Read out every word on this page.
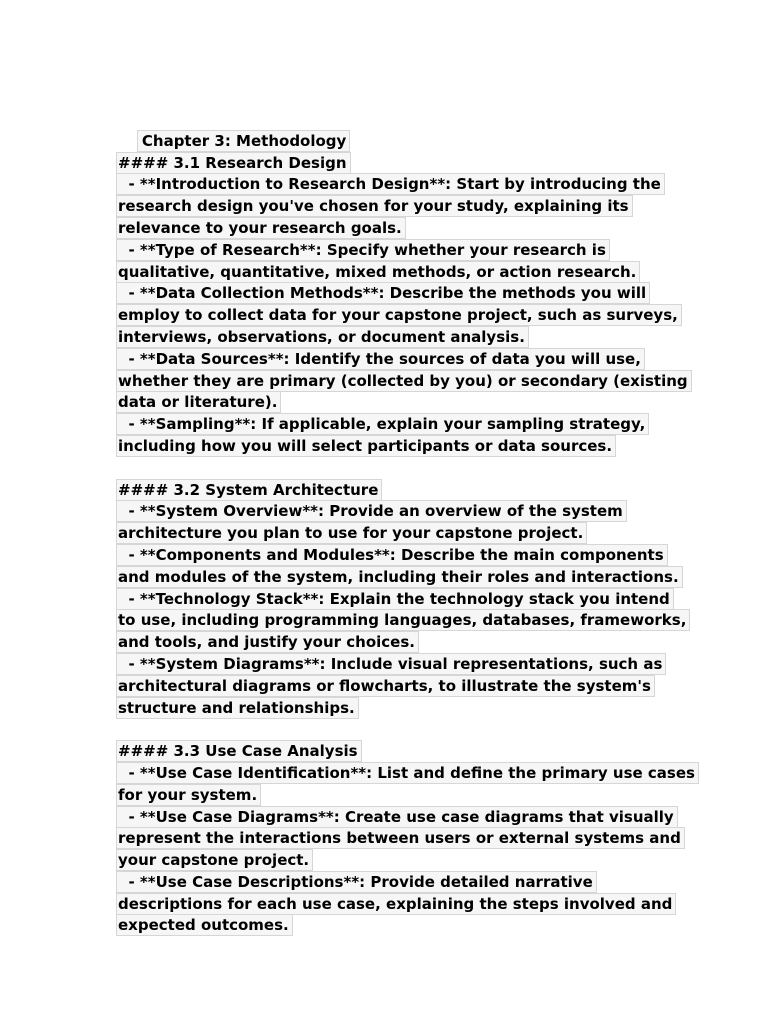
Chapter 3: Methodology

#### 3.1 Research Design
- **Introduction to Research Design**: Start by introducing the
research design you've chosen for your study, explaining its
relevance to your research goals.
- **Type of Research**: Specify whether your research is
qualitative, quantitative, mixed methods, or action research.
- **Data Collection Methods**: Describe the methods you will
employ to collect data for your capstone project, such as surveys,
interviews, observations, or document analysis.
- **Data Sources**: Identify the sources of data you will use,
whether they are primary (collected by you) or secondary (existing
data or literature).
- **Sampling**: If applicable, explain your sampling strategy,
including how you will select participants or data sources.
#### 3.2 System Architecture
- **System Overview**: Provide an overview of the system
architecture you plan to use for your capstone project.
- **Components and Modules**: Describe the main components
and modules of the system, including their roles and interactions.
- **Technology Stack**: Explain the technology stack you intend
to use, including programming languages, databases, frameworks,
and tools, and justify your choices.
- **System Diagrams**: Include visual representations, such as
architectural diagrams or flowcharts, to illustrate the system's
structure and relationships.
#### 3.3 Use Case Analysis
- **Use Case Identification**: List and define the primary use cases
for your system.
- **Use Case Diagrams**: Create use case diagrams that visually
represent the interactions between users or external systems and
your capstone project.
- **Use Case Descriptions**: Provide detailed narrative
descriptions for each use case, explaining the steps involved and
expected outcomes.
